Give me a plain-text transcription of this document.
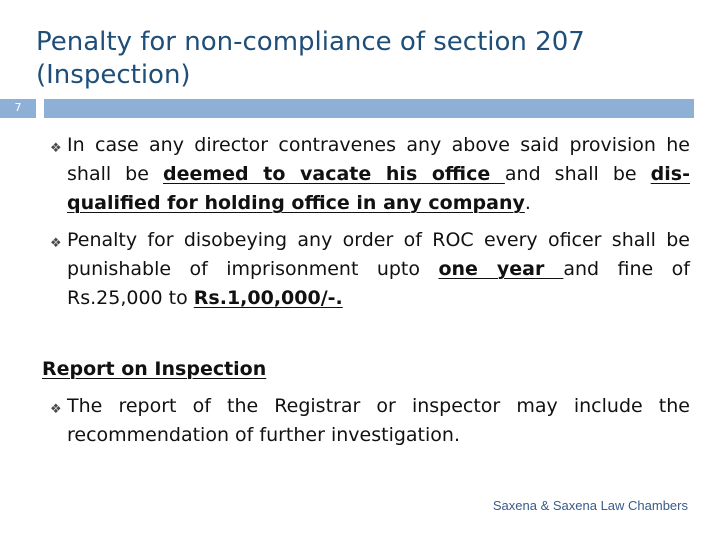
Penalty for non-compliance of section 207 (Inspection)
7
❖ In case any director contravenes any above said provision he shall be deemed to vacate his office and shall be dis-qualified for holding office in any company.
❖ Penalty for disobeying any order of ROC every oficer shall be punishable of imprisonment upto one year and fine of Rs.25,000 to Rs.1,00,000/-.
Report on Inspection
❖ The report of the Registrar or inspector may include the recommendation of further investigation.
Saxena & Saxena Law Chambers
